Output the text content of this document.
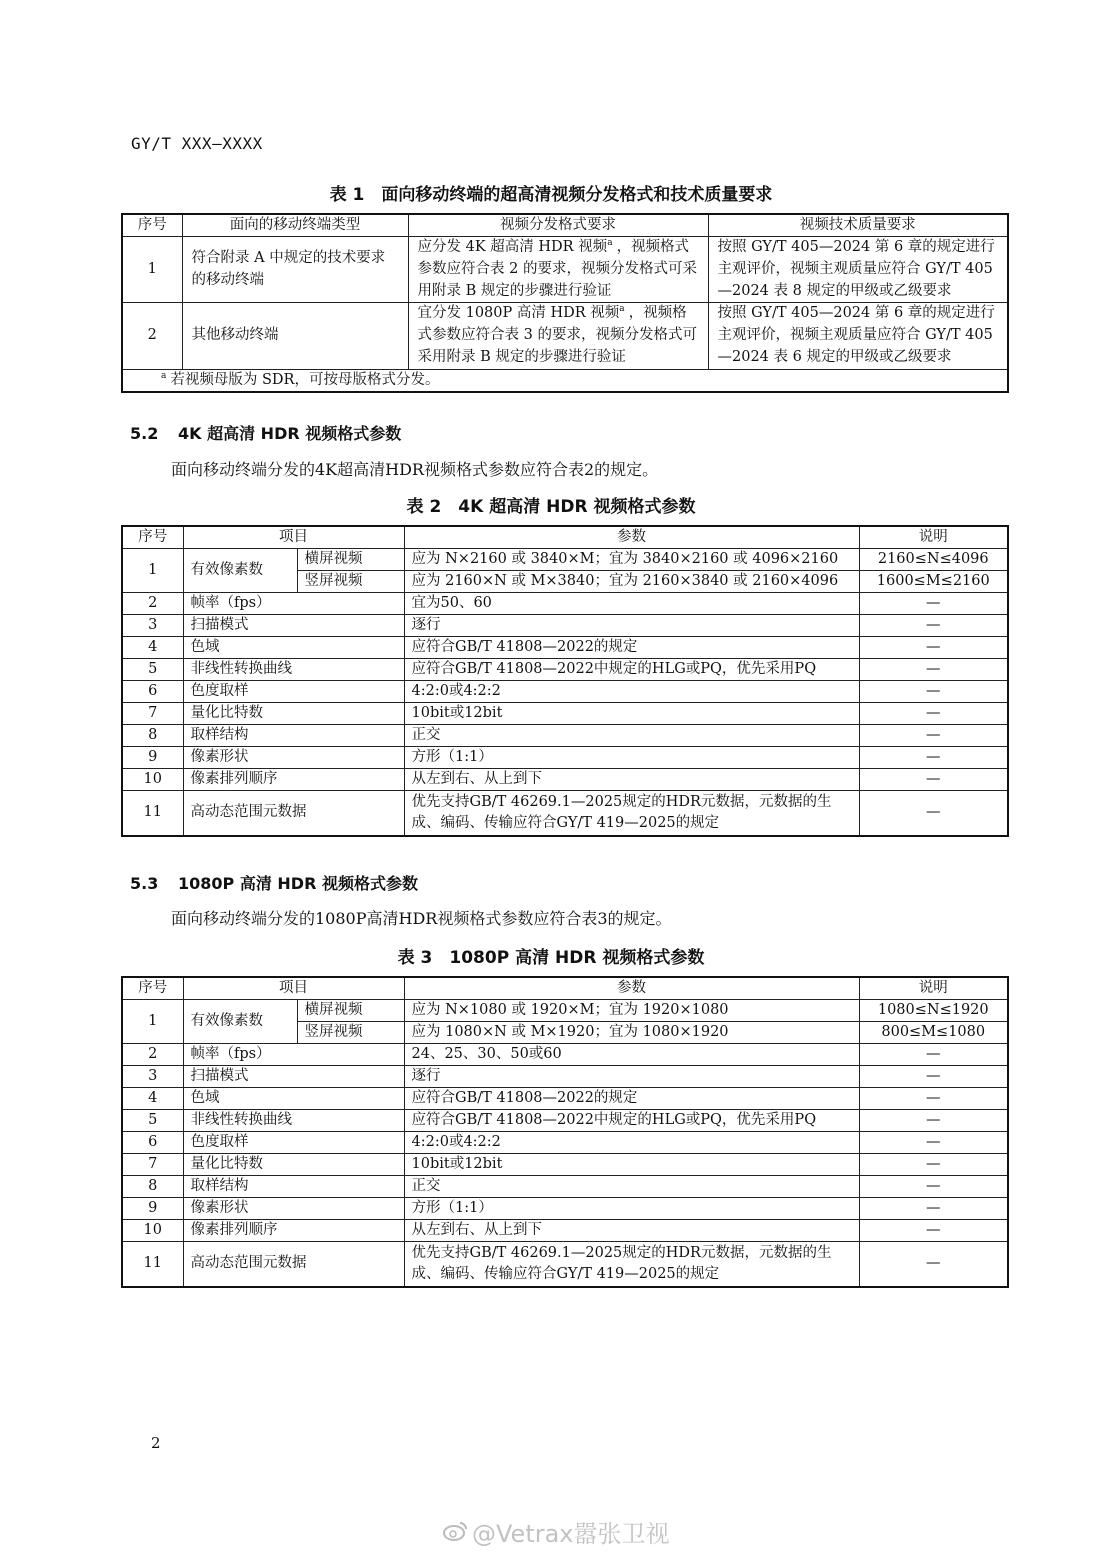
GY/T XXX—XXXX
表 1　面向移动终端的超高清视频分发格式和技术质量要求
序号	面向的移动终端类型	视频分发格式要求	视频技术质量要求
1	符合附录 A 中规定的技术要求的移动终端	应分发 4K 超高清 HDR 视频$^a$ ，视频格式参数应符合表 2 的要求，视频分发格式可采用附录 B 规定的步骤进行验证	按照 GY/T 405—2024 第 6 章的规定进行主观评价，视频主观质量应符合 GY/T 405—2024 表 8 规定的甲级或乙级要求
2	其他移动终端	宜分发 1080P 高清 HDR 视频$^a$ ，视频格式参数应符合表 3 的要求，视频分发格式可采用附录 B 规定的步骤进行验证	按照 GY/T 405—2024 第 6 章的规定进行主观评价，视频主观质量应符合 GY/T 405—2024 表 6 规定的甲级或乙级要求
$^a$ 若视频母版为 SDR，可按母版格式分发。			
5.2 4K 超高清 HDR 视频格式参数
面向移动终端分发的4K超高清HDR视频格式参数应符合表2的规定。
表 2　4K 超高清 HDR 视频格式参数
序号	项目		参数	说明
1	有效像素数	横屏视频	应为 N×2160 或 3840×M；宜为 3840×2160 或 4096×2160	2160≤N≤4096
		竖屏视频	应为 2160×N 或 M×3840；宜为 2160×3840 或 2160×4096	1600≤M≤2160
2	帧率（fps）		宜为50、60	—
3	扫描模式		逐行	—
4	色域		应符合GB/T 41808—2022的规定	—
5	非线性转换曲线		应符合GB/T 41808—2022中规定的HLG或PQ，优先采用PQ	—
6	色度取样		4:2:0或4:2:2	—
7	量化比特数		10bit或12bit	—
8	取样结构		正交	—
9	像素形状		方形（1:1）	—
10	像素排列顺序		从左到右、从上到下	—
11	高动态范围元数据		优先支持GB/T 46269.1—2025规定的HDR元数据，元数据的生成、编码、传输应符合GY/T 419—2025的规定	—
5.3 1080P 高清 HDR 视频格式参数
面向移动终端分发的1080P高清HDR视频格式参数应符合表3的规定。
表 3　1080P 高清 HDR 视频格式参数
序号	项目		参数	说明
1	有效像素数	横屏视频	应为 N×1080 或 1920×M；宜为 1920×1080	1080≤N≤1920
		竖屏视频	应为 1080×N 或 M×1920；宜为 1080×1920	800≤M≤1080
2	帧率（fps）		24、25、30、50或60	—
3	扫描模式		逐行	—
4	色域		应符合GB/T 41808—2022的规定	—
5	非线性转换曲线		应符合GB/T 41808—2022中规定的HLG或PQ，优先采用PQ	—
6	色度取样		4:2:0或4:2:2	—
7	量化比特数		10bit或12bit	—
8	取样结构		正交	—
9	像素形状		方形（1:1）	—
10	像素排列顺序		从左到右、从上到下	—
11	高动态范围元数据		优先支持GB/T 46269.1—2025规定的HDR元数据，元数据的生成、编码、传输应符合GY/T 419—2025的规定	—
2
@Vetrax嚣张卫视
